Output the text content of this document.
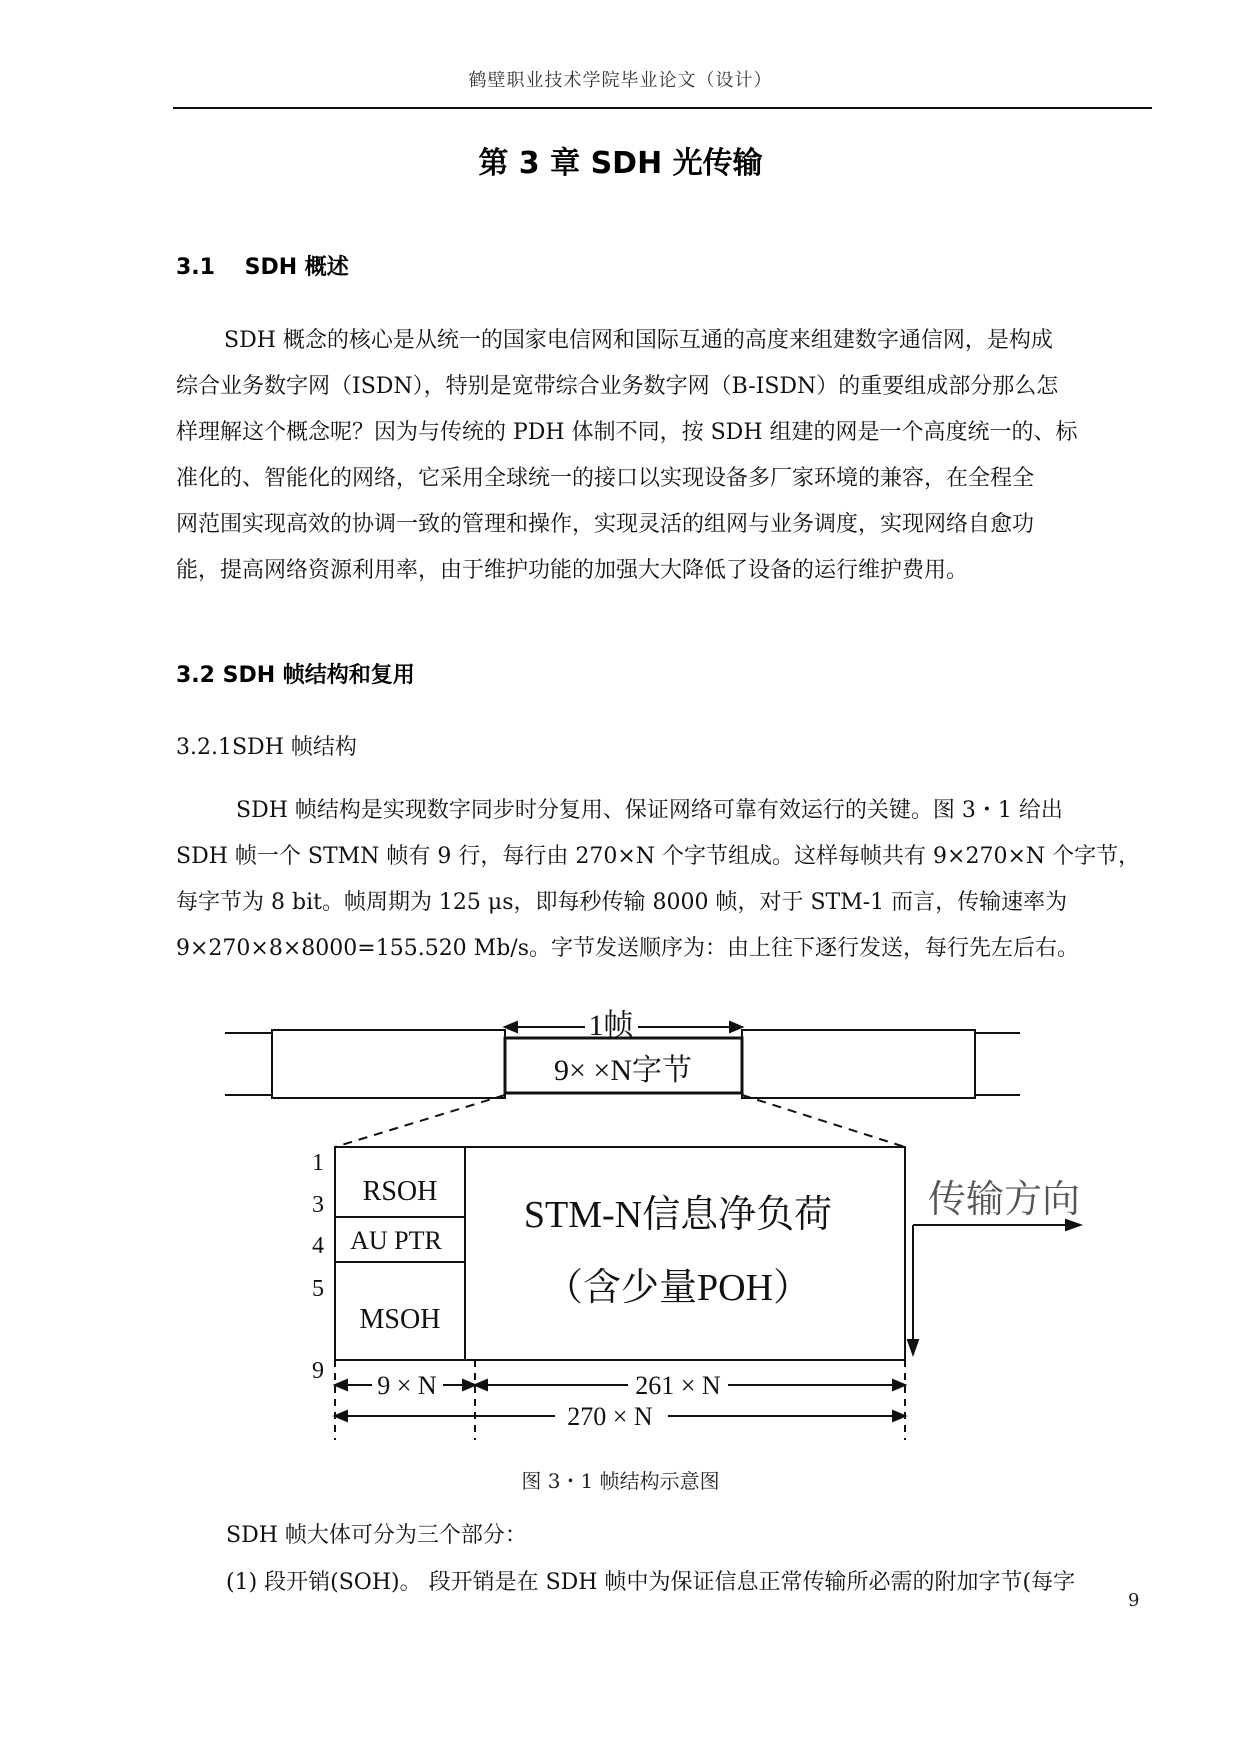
鹤壁职业技术学院毕业论文（设计）
第 3 章 SDH 光传输
3.1　 SDH 概述
SDH 概念的核心是从统一的国家电信网和国际互通的高度来组建数字通信网，是构成
综合业务数字网（ISDN），特别是宽带综合业务数字网（B-ISDN）的重要组成部分那么怎
样理解这个概念呢？因为与传统的 PDH 体制不同，按 SDH 组建的网是一个高度统一的、标
准化的、智能化的网络，它采用全球统一的接口以实现设备多厂家环境的兼容，在全程全
网范围实现高效的协调一致的管理和操作，实现灵活的组网与业务调度，实现网络自愈功
能，提高网络资源利用率，由于维护功能的加强大大降低了设备的运行维护费用。
3.2 SDH 帧结构和复用
3.2.1SDH 帧结构
SDH 帧结构是实现数字同步时分复用、保证网络可靠有效运行的关键。图 3・1 给出
SDH 帧一个 STMN 帧有 9 行，每行由 270×N 个字节组成。这样每帧共有 9×270×N 个字节，
每字节为 8 bit。帧周期为 125 μs，即每秒传输 8000 帧，对于 STM-1 而言，传输速率为
9×270×8×8000=155.520 Mb/s。字节发送顺序为：由上往下逐行发送，每行先左后右。
1帧
9× ×N字节
1
3
4
5
9
RSOH
AU PTR
MSOH
STM-N信息净负荷
（含少量POH）
传输方向
9 × N	261 × N
270 × N
图 3・1 帧结构示意图
SDH 帧大体可分为三个部分：
(1) 段开销(SOH)。 段开销是在 SDH 帧中为保证信息正常传输所必需的附加字节(每字
9
